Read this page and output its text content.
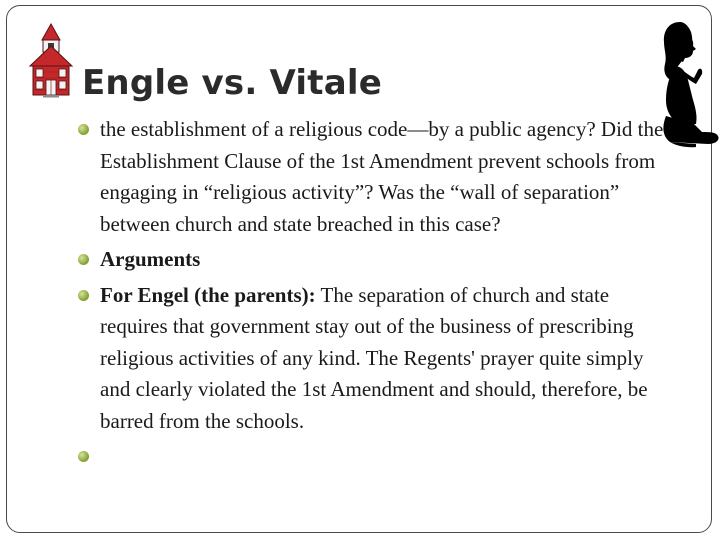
Engle vs. Vitale
the establishment of a religious code—by a public agency? Did the Establishment Clause of the 1st Amendment prevent schools from engaging in “religious activity”? Was the “wall of separation” between church and state breached in this case?
Arguments
For Engel (the parents): The separation of church and state requires that government stay out of the business of prescribing religious activities of any kind. The Regents' prayer quite simply and clearly violated the 1st Amendment and should, therefore, be barred from the schools.
